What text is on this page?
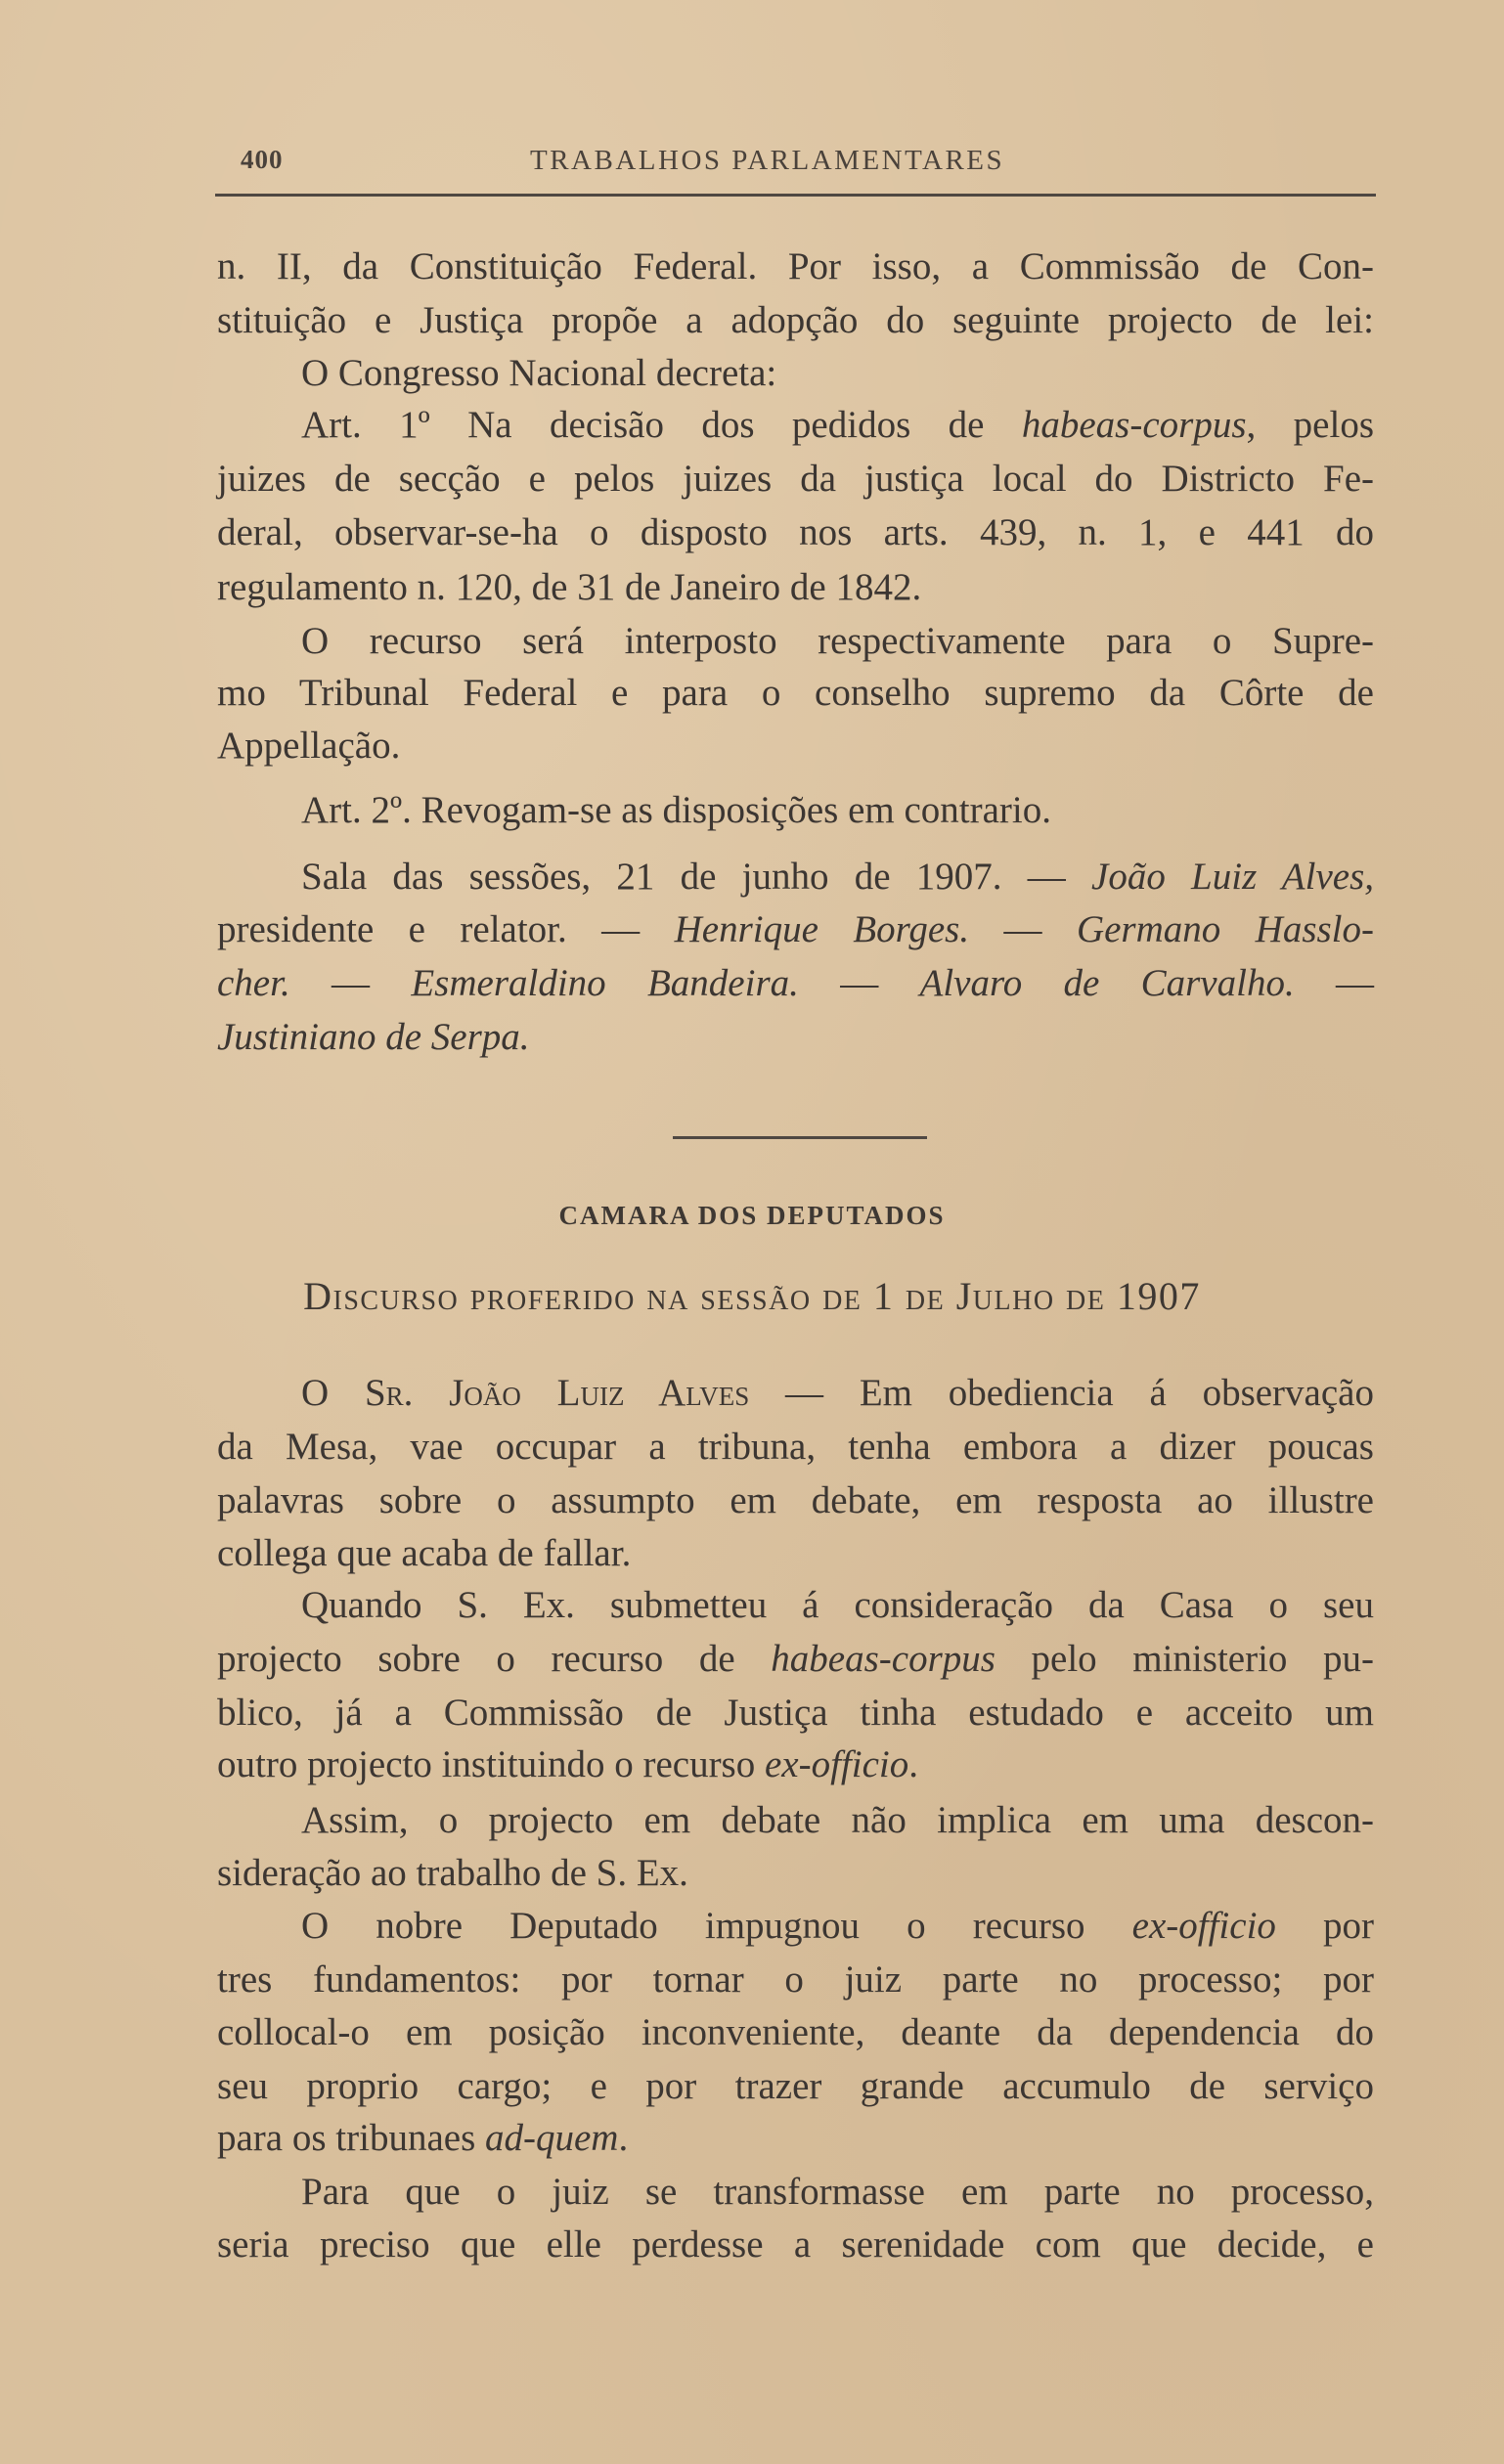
400	TRABALHOS PARLAMENTARES
n. II, da Constituição Federal. Por isso, a Commissão de Con-
stituição e Justiça propõe a adopção do seguinte projecto de lei:
O Congresso Nacional decreta:
Art. 1º Na decisão dos pedidos de habeas-corpus, pelos
juizes de secção e pelos juizes da justiça local do Districto Fe-
deral, observar-se-ha o disposto nos arts. 439, n. 1, e 441 do
regulamento n. 120, de 31 de Janeiro de 1842.
O recurso será interposto respectivamente para o Supre-
mo Tribunal Federal e para o conselho supremo da Côrte de
Appellação.
Art. 2º. Revogam-se as disposições em contrario.
Sala das sessões, 21 de junho de 1907. — João Luiz Alves,
presidente e relator. — Henrique Borges. — Germano Hasslo-
cher. — Esmeraldino Bandeira. — Alvaro de Carvalho. —
Justiniano de Serpa.
CAMARA DOS DEPUTADOS
Discurso proferido na sessão de 1 de Julho de 1907
O Sr. João Luiz Alves — Em obediencia á observação
da Mesa, vae occupar a tribuna, tenha embora a dizer poucas
palavras sobre o assumpto em debate, em resposta ao illustre
collega que acaba de fallar.
Quando S. Ex. submetteu á consideração da Casa o seu
projecto sobre o recurso de habeas-corpus pelo ministerio pu-
blico, já a Commissão de Justiça tinha estudado e acceito um
outro projecto instituindo o recurso ex-officio.
Assim, o projecto em debate não implica em uma descon-
sideração ao trabalho de S. Ex.
O nobre Deputado impugnou o recurso ex-officio por
tres fundamentos: por tornar o juiz parte no processo; por
collocal-o em posição inconveniente, deante da dependencia do
seu proprio cargo; e por trazer grande accumulo de serviço
para os tribunaes ad-quem.
Para que o juiz se transformasse em parte no processo,
seria preciso que elle perdesse a serenidade com que decide, e
